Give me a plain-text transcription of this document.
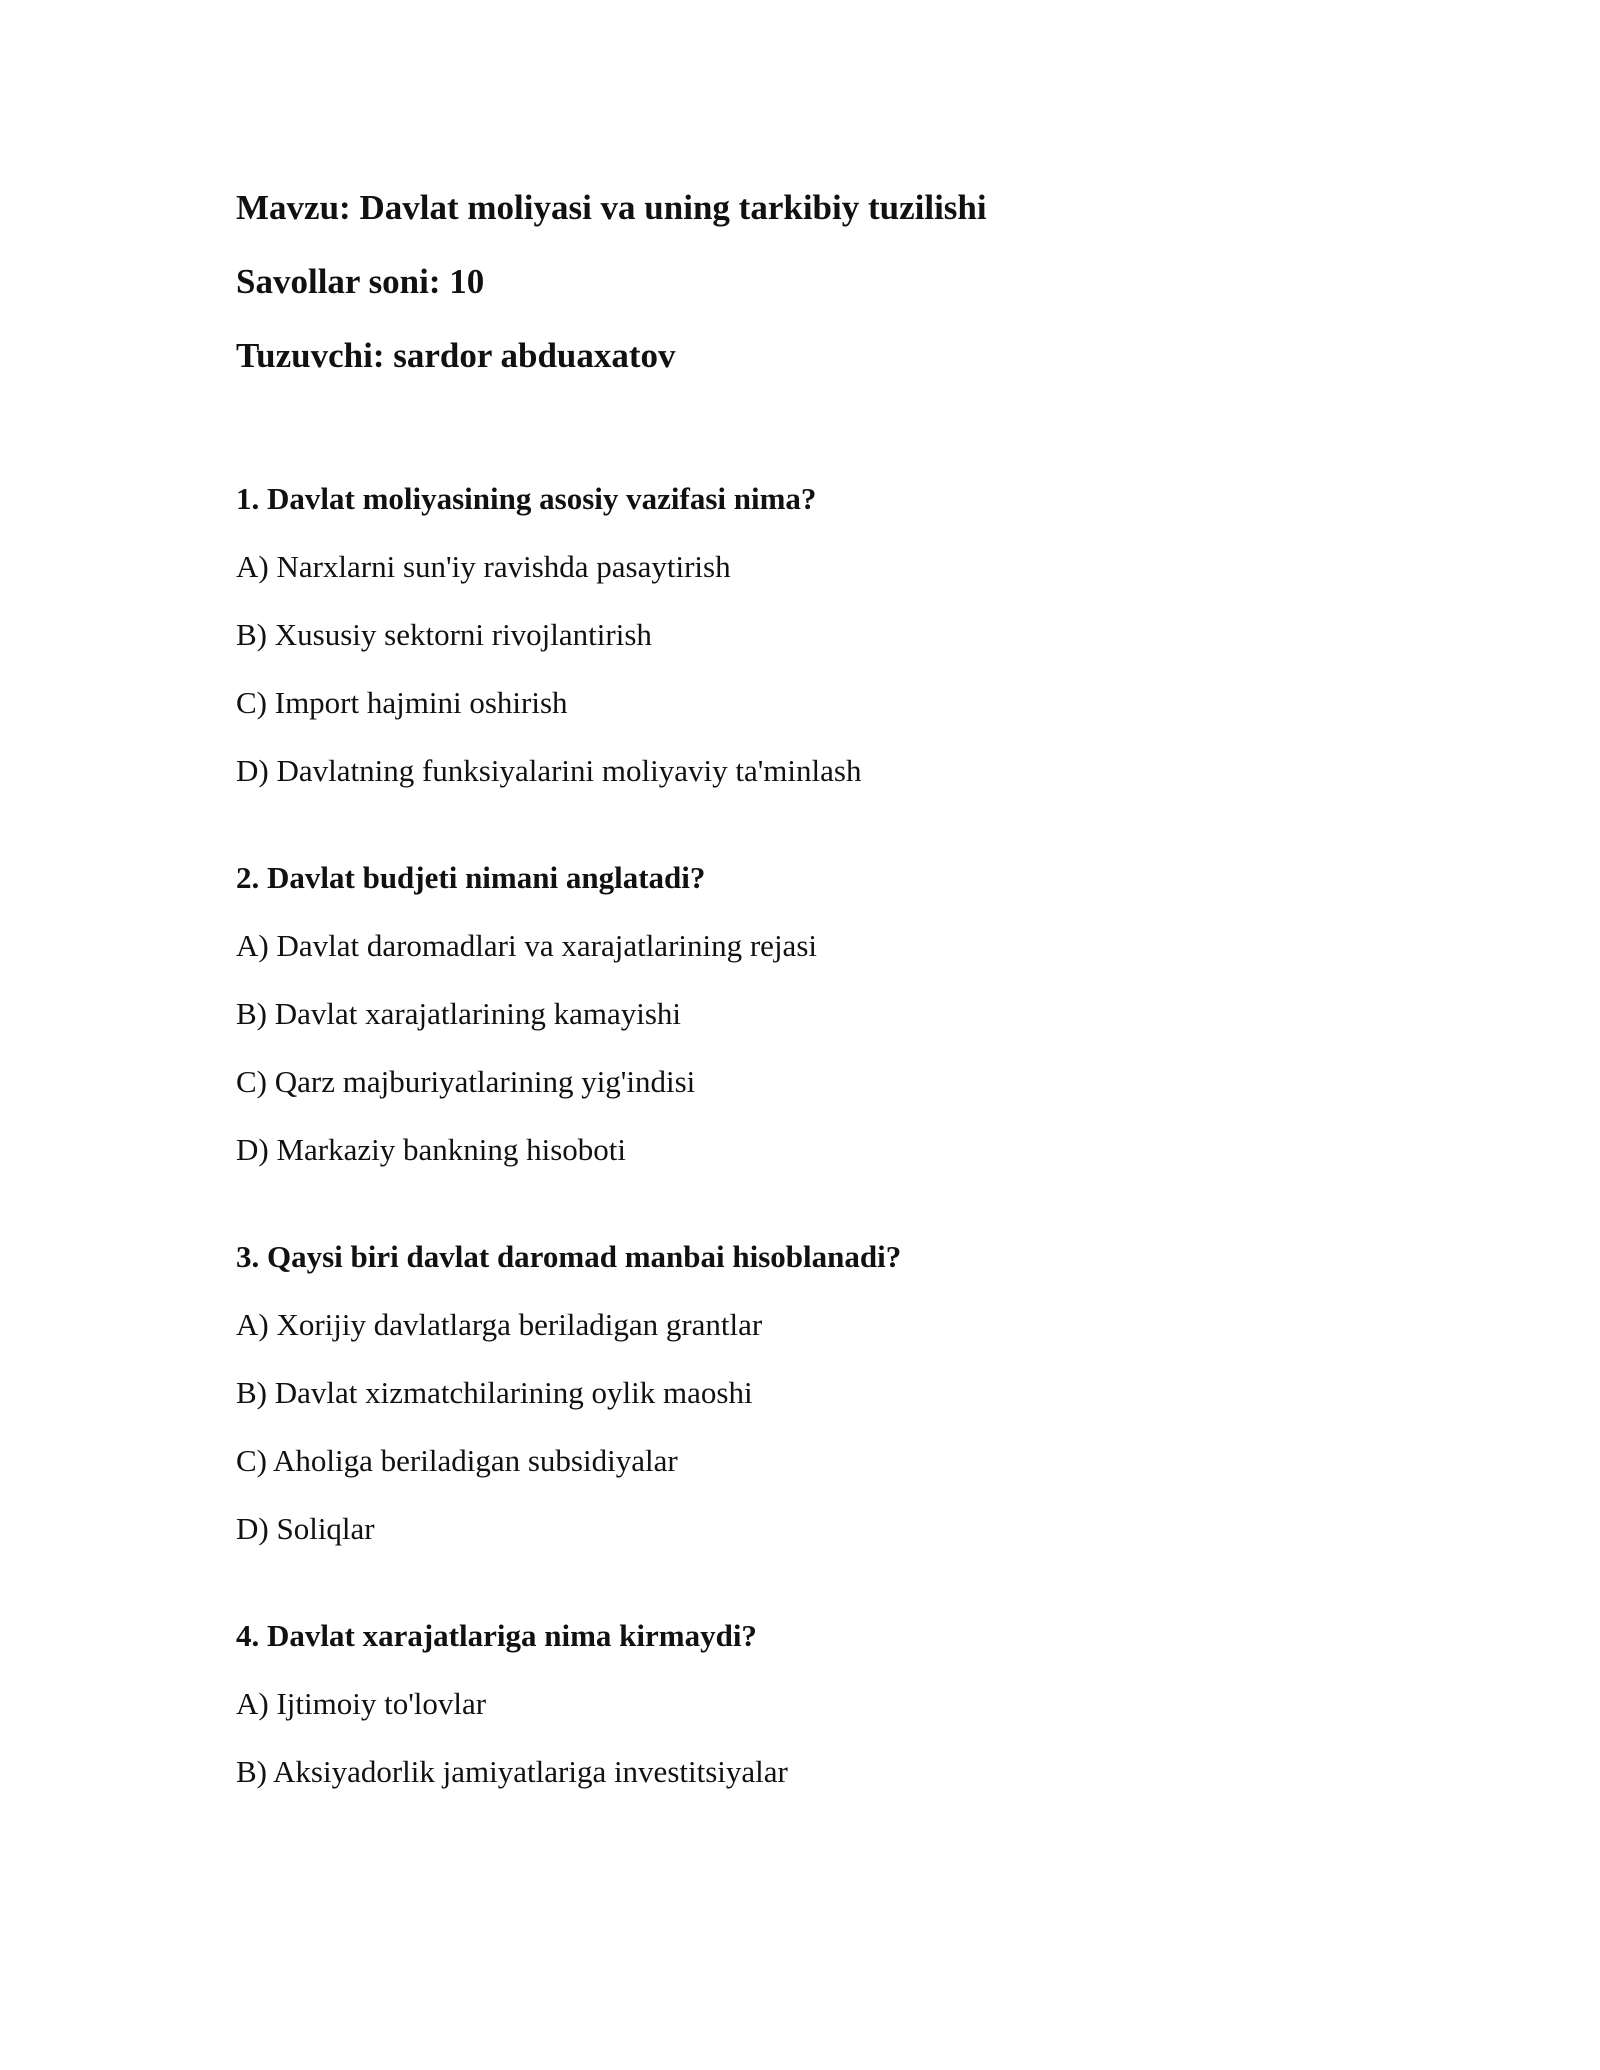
Mavzu: Davlat moliyasi va uning tarkibiy tuzilishi
Savollar soni: 10
Tuzuvchi: sardor abduaxatov
1. Davlat moliyasining asosiy vazifasi nima?
A) Narxlarni sun'iy ravishda pasaytirish
B) Xususiy sektorni rivojlantirish
C) Import hajmini oshirish
D) Davlatning funksiyalarini moliyaviy ta'minlash
2. Davlat budjeti nimani anglatadi?
A) Davlat daromadlari va xarajatlarining rejasi
B) Davlat xarajatlarining kamayishi
C) Qarz majburiyatlarining yig'indisi
D) Markaziy bankning hisoboti
3. Qaysi biri davlat daromad manbai hisoblanadi?
A) Xorijiy davlatlarga beriladigan grantlar
B) Davlat xizmatchilarining oylik maoshi
C) Aholiga beriladigan subsidiyalar
D) Soliqlar
4. Davlat xarajatlariga nima kirmaydi?
A) Ijtimoiy to'lovlar
B) Aksiyadorlik jamiyatlariga investitsiyalar
